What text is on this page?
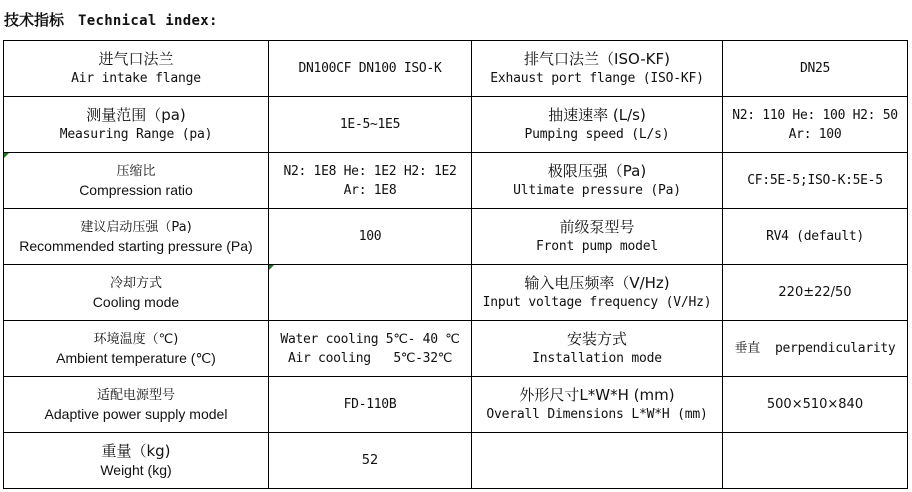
技术指标 Technical index:
进气口法兰
Air intake flange	DN100CF DN100 ISO-K	排气口法兰（ISO-KF)
Exhaust port flange (ISO-KF)	DN25

测量范围（pa)
Measuring Range (pa)	1E-5~1E5	抽速速率 (L/s)
Pumping speed (L/s)	N2: 110 He: 100 H2: 50
Ar: 100

压缩比
Compression ratio	N2: 1E8 He: 1E2 H2: 1E2
Ar: 1E8	极限压强（Pa)
Ultimate pressure (Pa)	CF:5E-5;ISO-K:5E-5

建议启动压强（Pa)
Recommended starting pressure (Pa)	100	前级泵型号
Front pump model	RV4 (default)

冷却方式
Cooling mode		输入电压频率（V/Hz)
Input voltage frequency (V/Hz)	220±22/50

环境温度（℃)
Ambient temperature (℃)	Water cooling 5℃- 40 ℃
Air cooling   5℃-32℃	安装方式
Installation mode	垂直  perpendicularity

适配电源型号
Adaptive power supply model	FD-110B	外形尺寸L*W*H (mm)
Overall Dimensions L*W*H (mm)	500×510×840

重量（kg)
Weight (kg)	52		
